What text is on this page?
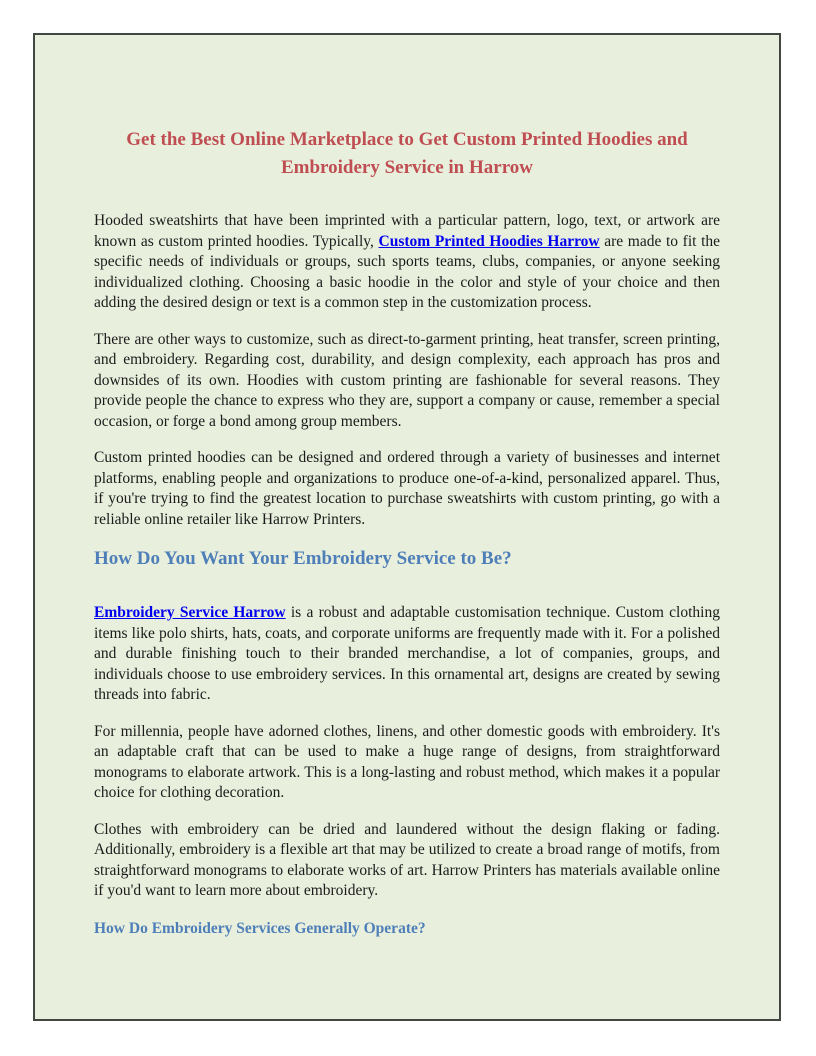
Get the Best Online Marketplace to Get Custom Printed Hoodies and Embroidery Service in Harrow

Hooded sweatshirts that have been imprinted with a particular pattern, logo, text, or artwork are known as custom printed hoodies. Typically, Custom Printed Hoodies Harrow are made to fit the specific needs of individuals or groups, such sports teams, clubs, companies, or anyone seeking individualized clothing. Choosing a basic hoodie in the color and style of your choice and then adding the desired design or text is a common step in the customization process.

There are other ways to customize, such as direct-to-garment printing, heat transfer, screen printing, and embroidery. Regarding cost, durability, and design complexity, each approach has pros and downsides of its own. Hoodies with custom printing are fashionable for several reasons. They provide people the chance to express who they are, support a company or cause, remember a special occasion, or forge a bond among group members.

Custom printed hoodies can be designed and ordered through a variety of businesses and internet platforms, enabling people and organizations to produce one-of-a-kind, personalized apparel. Thus, if you're trying to find the greatest location to purchase sweatshirts with custom printing, go with a reliable online retailer like Harrow Printers.

How Do You Want Your Embroidery Service to Be?

Embroidery Service Harrow is a robust and adaptable customisation technique. Custom clothing items like polo shirts, hats, coats, and corporate uniforms are frequently made with it. For a polished and durable finishing touch to their branded merchandise, a lot of companies, groups, and individuals choose to use embroidery services. In this ornamental art, designs are created by sewing threads into fabric.

For millennia, people have adorned clothes, linens, and other domestic goods with embroidery. It's an adaptable craft that can be used to make a huge range of designs, from straightforward monograms to elaborate artwork. This is a long-lasting and robust method, which makes it a popular choice for clothing decoration.

Clothes with embroidery can be dried and laundered without the design flaking or fading. Additionally, embroidery is a flexible art that may be utilized to create a broad range of motifs, from straightforward monograms to elaborate works of art. Harrow Printers has materials available online if you'd want to learn more about embroidery.

How Do Embroidery Services Generally Operate?
